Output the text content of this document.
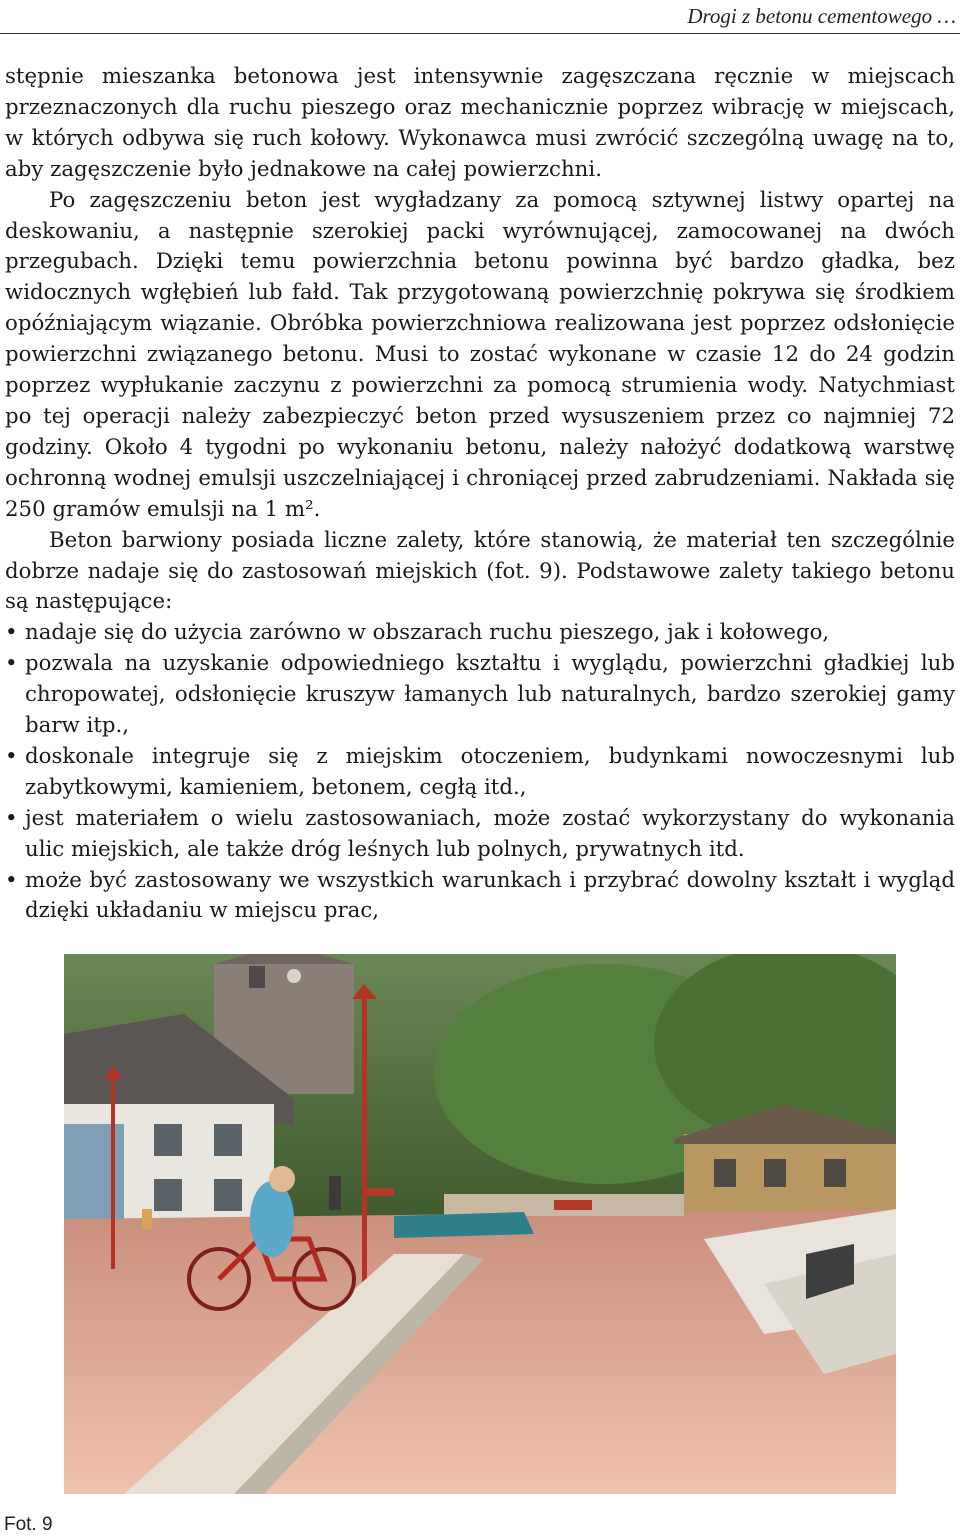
Drogi z betonu cementowego …

stępnie mieszanka betonowa jest intensywnie zagęszczana ręcznie w miejscach przeznaczonych dla ruchu pieszego oraz mechanicznie poprzez wibrację w miejscach, w których odbywa się ruch kołowy. Wykonawca musi zwrócić szczególną uwagę na to, aby zagęszczenie było jednakowe na całej powierzchni.

Po zagęszczeniu beton jest wygładzany za pomocą sztywnej listwy opartej na deskowaniu, a następnie szerokiej packi wyrównującej, zamocowanej na dwóch przegubach. Dzięki temu powierzchnia betonu powinna być bardzo gładka, bez widocznych wgłębień lub fałd. Tak przygotowaną powierzchnię pokrywa się środkiem opóźniającym wiązanie. Obróbka powierzchniowa realizowana jest poprzez odsłonięcie powierzchni związanego betonu. Musi to zostać wykonane w czasie 12 do 24 godzin poprzez wypłukanie zaczynu z powierzchni za pomocą strumienia wody. Natychmiast po tej operacji należy zabezpieczyć beton przed wysuszeniem przez co najmniej 72 godziny. Około 4 tygodni po wykonaniu betonu, należy nałożyć dodatkową warstwę ochronną wodnej emulsji uszczelniającej i chroniącej przed zabrudzeniami. Nakłada się 250 gramów emulsji na 1 m².

Beton barwiony posiada liczne zalety, które stanowią, że materiał ten szczególnie dobrze nadaje się do zastosowań miejskich (fot. 9). Podstawowe zalety takiego betonu są następujące:

• nadaje się do użycia zarówno w obszarach ruchu pieszego, jak i kołowego,
• pozwala na uzyskanie odpowiedniego kształtu i wyglądu, powierzchni gładkiej lub chropowatej, odsłonięcie kruszyw łamanych lub naturalnych, bardzo szerokiej gamy barw itp.,
• doskonale integruje się z miejskim otoczeniem, budynkami nowoczesnymi lub zabytkowymi, kamieniem, betonem, cegłą itd.,
• jest materiałem o wielu zastosowaniach, może zostać wykorzystany do wykonania ulic miejskich, ale także dróg leśnych lub polnych, prywatnych itd.
• może być zastosowany we wszystkich warunkach i przybrać dowolny kształt i wygląd dzięki układaniu w miejscu prac,
Fot. 9
